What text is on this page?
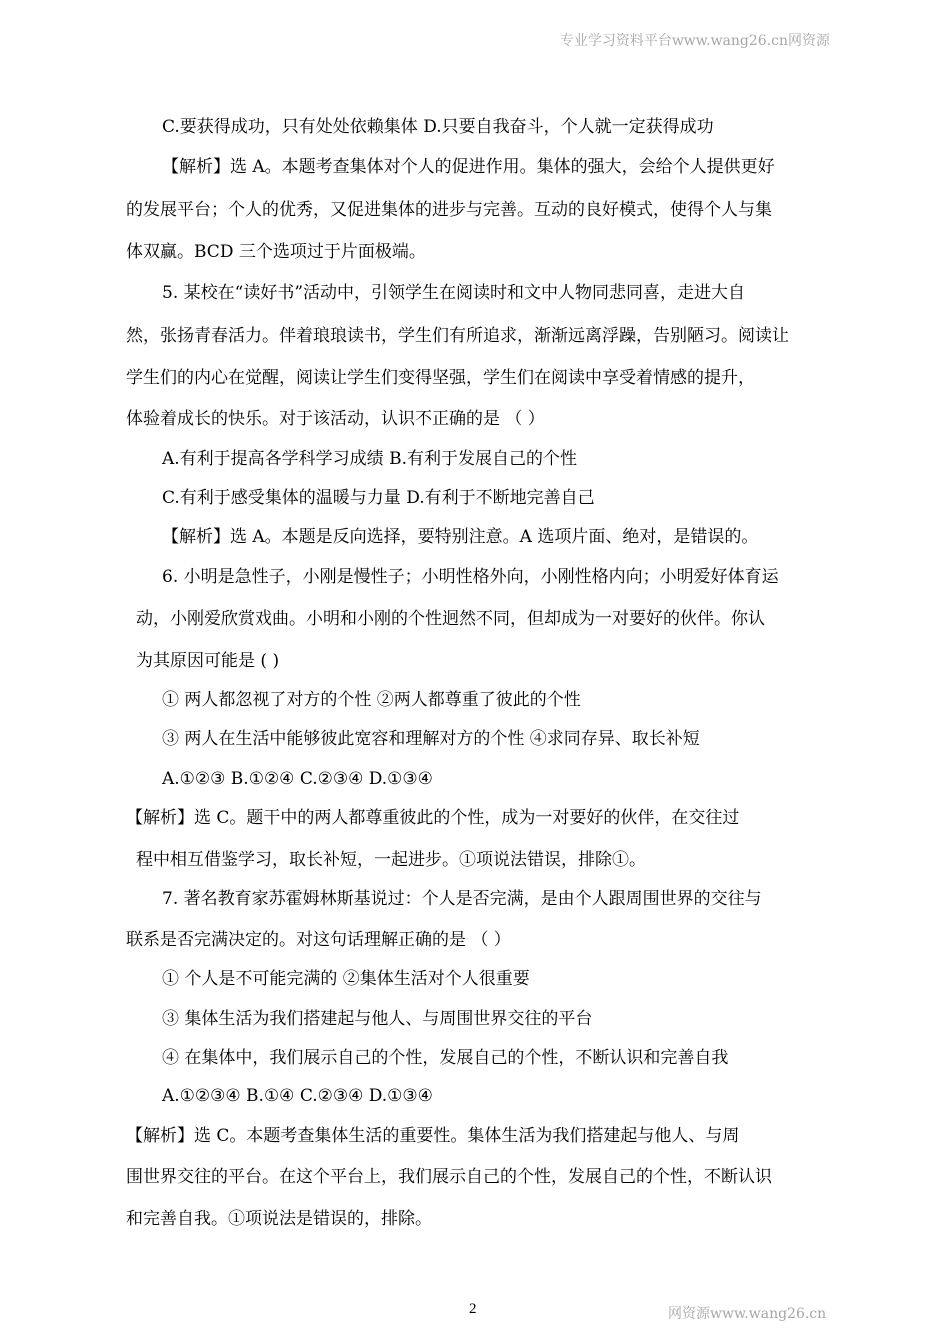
专业学习资料平台www.wang26.cn网资源
C.要获得成功，只有处处依赖集体 D.只要自我奋斗，个人就一定获得成功
【解析】选 A。本题考查集体对个人的促进作用。集体的强大，会给个人提供更好
的发展平台；个人的优秀，又促进集体的进步与完善。互动的良好模式，使得个人与集
体双赢。BCD 三个选项过于片面极端。
5. 某校在“读好书”活动中，引领学生在阅读时和文中人物同悲同喜，走进大自
然，张扬青春活力。伴着琅琅读书，学生们有所追求，渐渐远离浮躁，告别陋习。阅读让
学生们的内心在觉醒，阅读让学生们变得坚强，学生们在阅读中享受着情感的提升，
体验着成长的快乐。对于该活动，认识不正确的是 （ ）
A.有利于提高各学科学习成绩 B.有利于发展自己的个性
C.有利于感受集体的温暖与力量 D.有利于不断地完善自己
【解析】选 A。本题是反向选择，要特别注意。A 选项片面、绝对，是错误的。
6. 小明是急性子，小刚是慢性子；小明性格外向，小刚性格内向；小明爱好体育运
动，小刚爱欣赏戏曲。小明和小刚的个性迥然不同，但却成为一对要好的伙伴。你认
为其原因可能是 ( )
① 两人都忽视了对方的个性 ②两人都尊重了彼此的个性
③ 两人在生活中能够彼此宽容和理解对方的个性 ④求同存异、取长补短
A.①②③ B.①②④ C.②③④ D.①③④
【解析】选 C。题干中的两人都尊重彼此的个性，成为一对要好的伙伴，在交往过
程中相互借鉴学习，取长补短，一起进步。①项说法错误，排除①。
7. 著名教育家苏霍姆林斯基说过：个人是否完满，是由个人跟周围世界的交往与
联系是否完满决定的。对这句话理解正确的是 （ ）
① 个人是不可能完满的 ②集体生活对个人很重要
③ 集体生活为我们搭建起与他人、与周围世界交往的平台
④ 在集体中，我们展示自己的个性，发展自己的个性，不断认识和完善自我
A.①②③④ B.①④ C.②③④ D.①③④
【解析】选 C。本题考查集体生活的重要性。集体生活为我们搭建起与他人、与周
围世界交往的平台。在这个平台上，我们展示自己的个性，发展自己的个性，不断认识
和完善自我。①项说法是错误的，排除。
2	网资源www.wang26.cn
